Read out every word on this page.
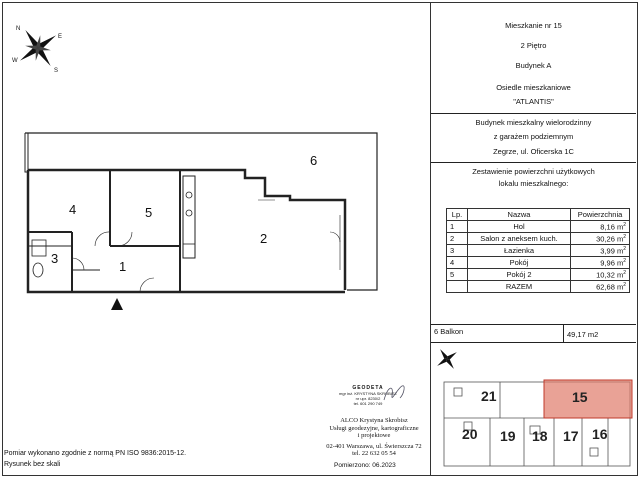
N
E
S
W
1
2
3
4	5
6
Mieszkanie nr 15
2 Piętro
Budynek A
Osiedle mieszkaniowe
"ATLANTIS"
Budynek mieszkalny wielorodzinny
z garażem podziemnym
Zegrze, ul. Oficerska 1C
Zestawienie powierzchni użytkowych
lokalu mieszkalnego:
Lp.	Nazwa	Powierzchnia
1	Hol	8,16 $m^2$
2	Salon z aneksem kuch.	30,26 $m^2$
3	Łazienka	3,99 $m^2$
4	Pokój	9,96 $m^2$
5	Pokój 2	10,32 $m^2$
	RAZEM	62,68 $m^2$
6 Balkon	49,17 m2
21	15
20 19 18 17 16
GEODETA
mgr inż. KRYSTYNA SKROBISZ
nr upr. 8230/2
tel. 601 290 749
ALCO Krystyna Skrobisz
Usługi geodezyjne, kartograficzne
i projektowe
02-401 Warszawa, ul. Świerszcza 72
tel. 22 632 05 54
Pomierzono: 06.2023
Pomiar wykonano zgodnie z normą PN ISO 9836:2015-12.
Rysunek bez skali
